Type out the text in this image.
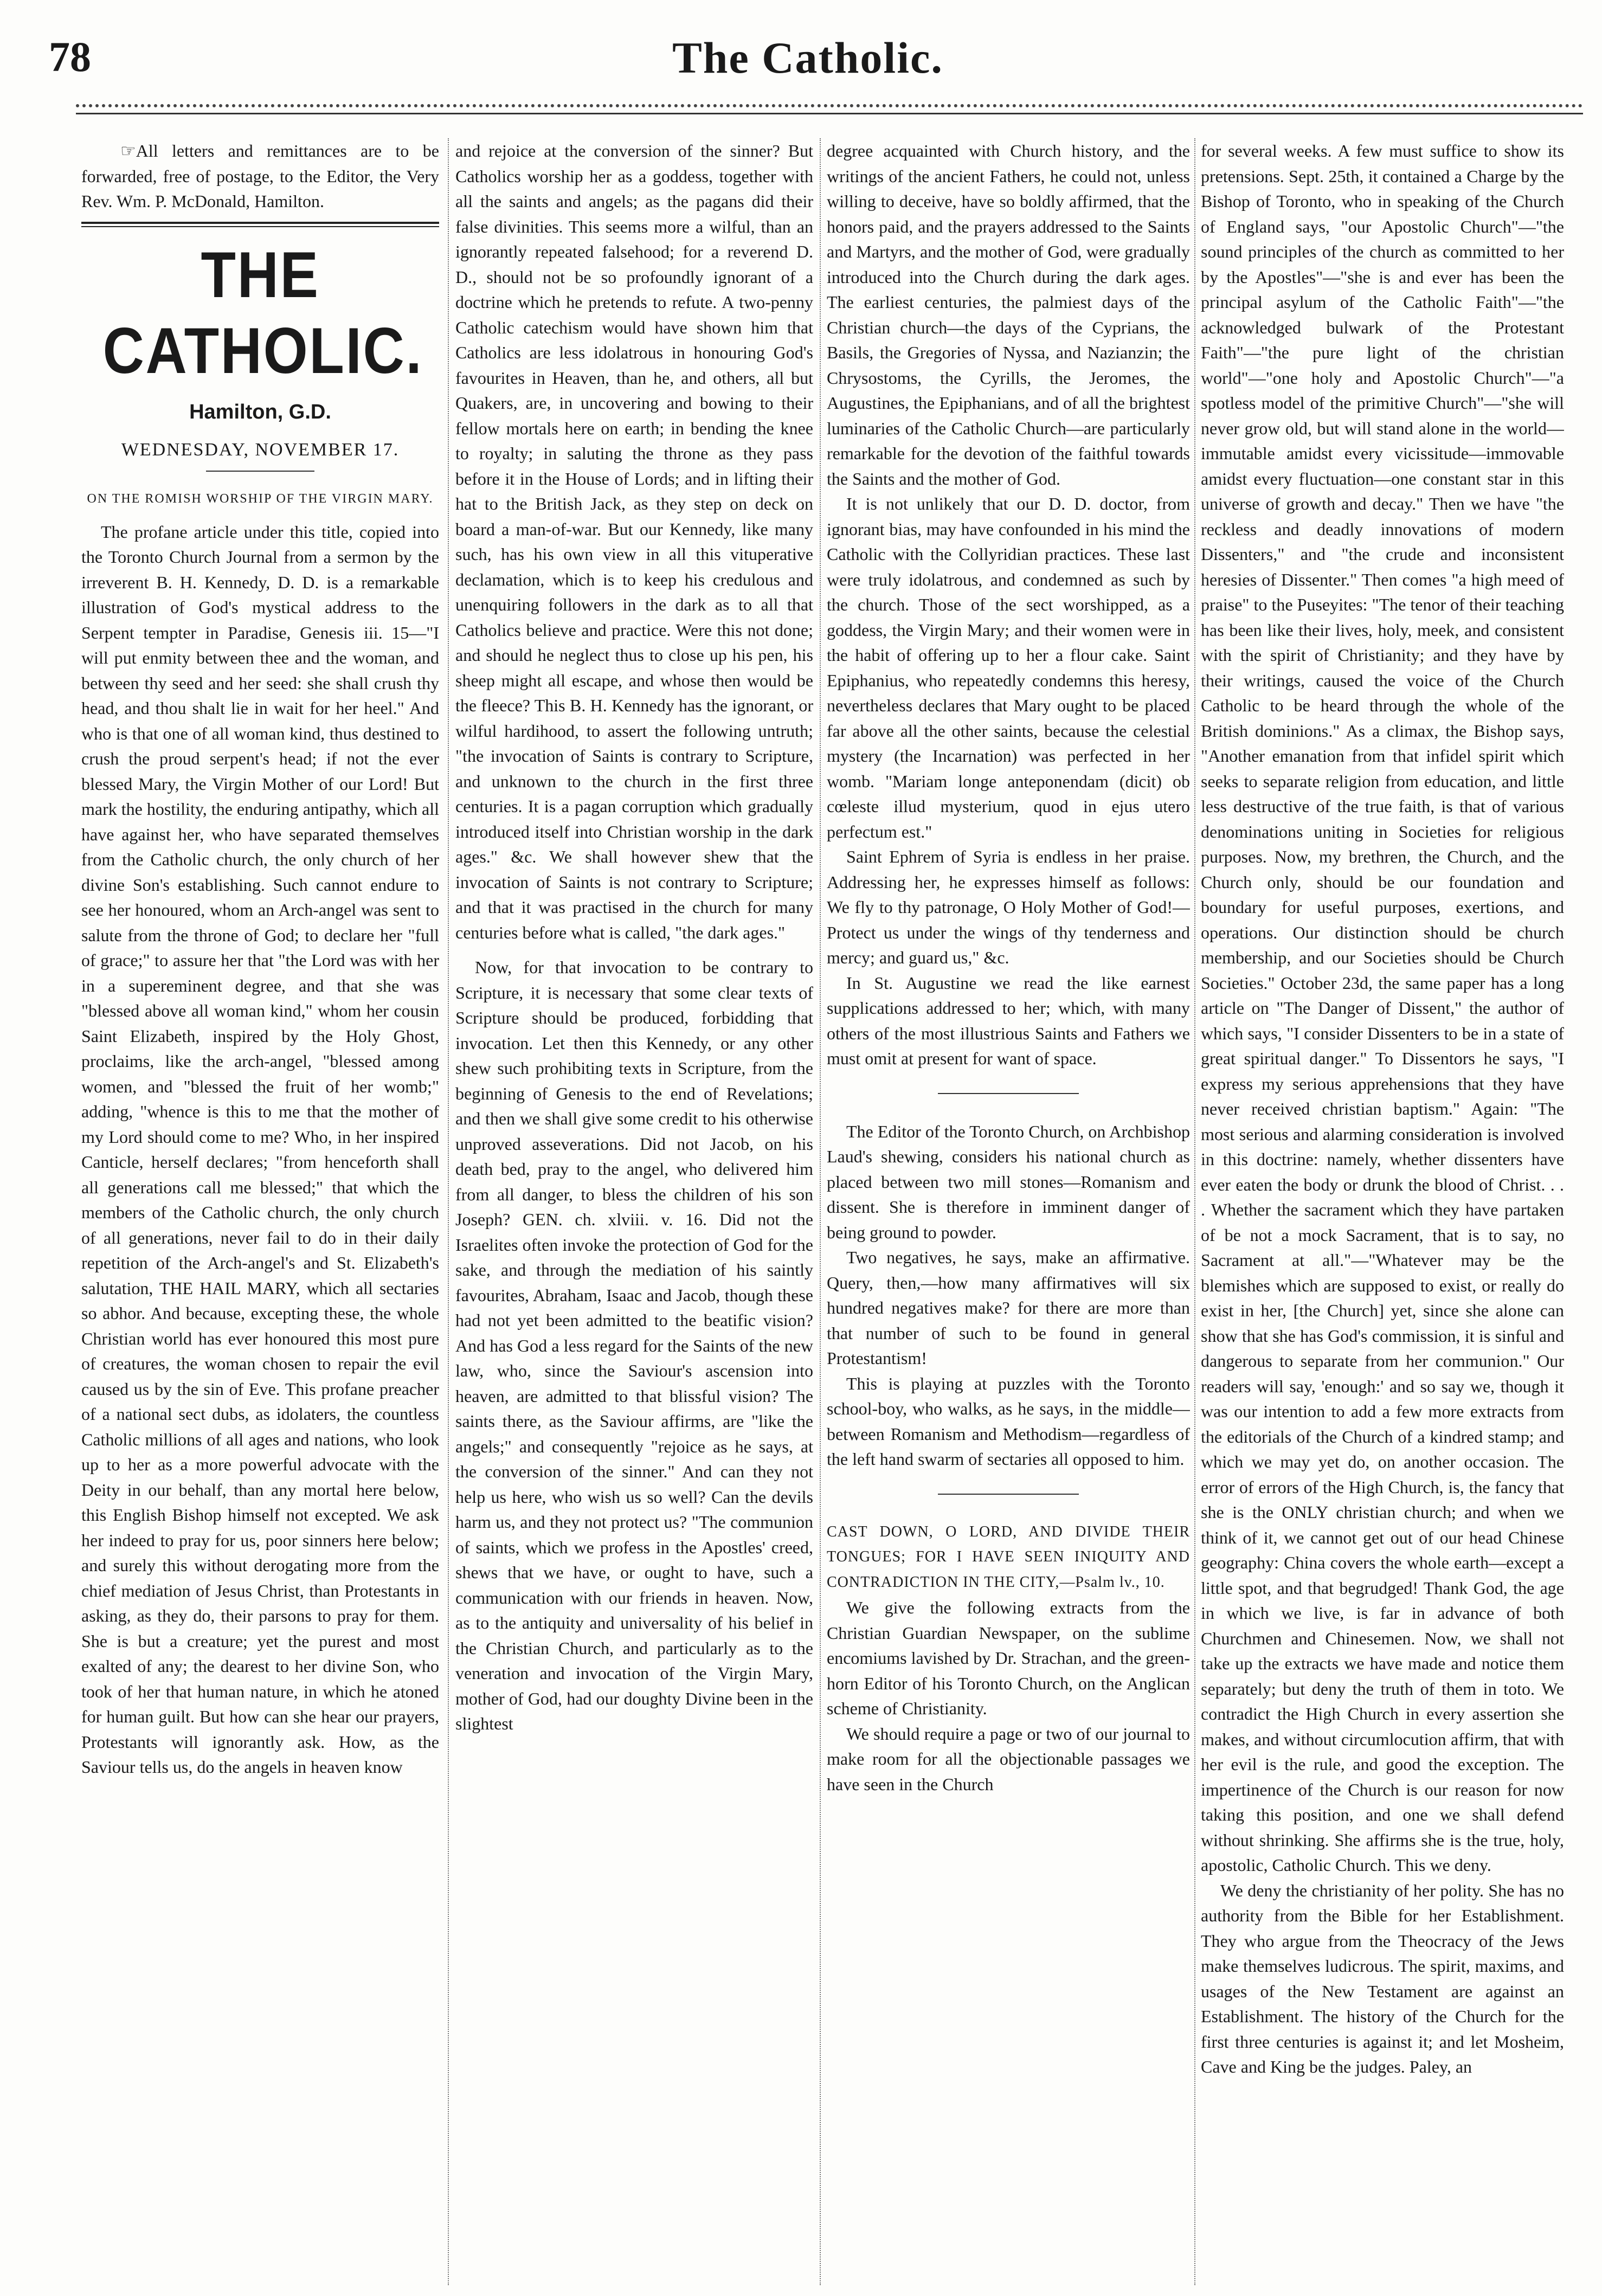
78	The Catholic.

☞All letters and remittances are to be forwarded, free of postage, to the Editor, the Very Rev. Wm. P. McDonald, Hamilton.

THE CATHOLIC.
Hamilton, G.D.
WEDNESDAY, NOVEMBER 17.
ON THE ROMISH WORSHIP OF THE VIRGIN MARY.

The profane article under this title, copied into the Toronto Church Journal from a sermon by the irreverent B. H. Kennedy, D. D. is a remarkable illustration of God's mystical address to the Serpent tempter in Paradise, Genesis iii. 15—"I will put enmity between thee and the woman, and between thy seed and her seed: she shall crush thy head, and thou shalt lie in wait for her heel." And who is that one of all woman kind, thus destined to crush the proud serpent's head; if not the ever blessed Mary, the Virgin Mother of our Lord! But mark the hostility, the enduring antipathy, which all have against her, who have separated themselves from the Catholic church, the only church of her divine Son's establishing. Such cannot endure to see her honoured, whom an Arch-angel was sent to salute from the throne of God; to declare her "full of grace;" to assure her that "the Lord was with her in a supereminent degree, and that she was "blessed above all woman kind," whom her cousin Saint Elizabeth, inspired by the Holy Ghost, proclaims, like the arch-angel, "blessed among women, and "blessed the fruit of her womb;" adding, "whence is this to me that the mother of my Lord should come to me? Who, in her inspired Canticle, herself declares; "from henceforth shall all generations call me blessed;" that which the members of the Catholic church, the only church of all generations, never fail to do in their daily repetition of the Arch-angel's and St. Elizabeth's salutation, THE HAIL MARY, which all sectaries so abhor. And because, excepting these, the whole Christian world has ever honoured this most pure of creatures, the woman chosen to repair the evil caused us by the sin of Eve. This profane preacher of a national sect dubs, as idolaters, the countless Catholic millions of all ages and nations, who look up to her as a more powerful advocate with the Deity in our behalf, than any mortal here below, this English Bishop himself not excepted. We ask her indeed to pray for us, poor sinners here below; and surely this without derogating more from the chief mediation of Jesus Christ, than Protestants in asking, as they do, their parsons to pray for them. She is but a creature; yet the purest and most exalted of any; the dearest to her divine Son, who took of her that human nature, in which he atoned for human guilt. But how can she hear our prayers, Protestants will ignorantly ask. How, as the Saviour tells us, do the angels in heaven know

and rejoice at the conversion of the sinner? But Catholics worship her as a goddess, together with all the saints and angels; as the pagans did their false divinities. This seems more a wilful, than an ignorantly repeated falsehood; for a reverend D. D., should not be so profoundly ignorant of a doctrine which he pretends to refute. A two-penny Catholic catechism would have shown him that Catholics are less idolatrous in honouring God's favourites in Heaven, than he, and others, all but Quakers, are, in uncovering and bowing to their fellow mortals here on earth; in bending the knee to royalty; in saluting the throne as they pass before it in the House of Lords; and in lifting their hat to the British Jack, as they step on deck on board a man-of-war. But our Kennedy, like many such, has his own view in all this vituperative declamation, which is to keep his credulous and unenquiring followers in the dark as to all that Catholics believe and practice. Were this not done; and should he neglect thus to close up his pen, his sheep might all escape, and whose then would be the fleece? This B. H. Kennedy has the ignorant, or wilful hardihood, to assert the following untruth; "the invocation of Saints is contrary to Scripture, and unknown to the church in the first three centuries. It is a pagan corruption which gradually introduced itself into Christian worship in the dark ages." &c. We shall however shew that the invocation of Saints is not contrary to Scripture; and that it was practised in the church for many centuries before what is called, "the dark ages."

Now, for that invocation to be contrary to Scripture, it is necessary that some clear texts of Scripture should be produced, forbidding that invocation. Let then this Kennedy, or any other shew such prohibiting texts in Scripture, from the beginning of Genesis to the end of Revelations; and then we shall give some credit to his otherwise unproved asseverations. Did not Jacob, on his death bed, pray to the angel, who delivered him from all danger, to bless the children of his son Joseph? GEN. ch. xlviii. v. 16. Did not the Israelites often invoke the protection of God for the sake, and through the mediation of his saintly favourites, Abraham, Isaac and Jacob, though these had not yet been admitted to the beatific vision? And has God a less regard for the Saints of the new law, who, since the Saviour's ascension into heaven, are admitted to that blissful vision? The saints there, as the Saviour affirms, are "like the angels;" and consequently "rejoice as he says, at the conversion of the sinner." And can they not help us here, who wish us so well? Can the devils harm us, and they not protect us? "The communion of saints, which we profess in the Apostles' creed, shews that we have, or ought to have, such a communication with our friends in heaven. Now, as to the antiquity and universality of his belief in the Christian Church, and particularly as to the veneration and invocation of the Virgin Mary, mother of God, had our doughty Divine been in the slightest

degree acquainted with Church history, and the writings of the ancient Fathers, he could not, unless willing to deceive, have so boldly affirmed, that the honors paid, and the prayers addressed to the Saints and Martyrs, and the mother of God, were gradually introduced into the Church during the dark ages. The earliest centuries, the palmiest days of the Christian church—the days of the Cyprians, the Basils, the Gregories of Nyssa, and Nazianzin; the Chrysostoms, the Cyrills, the Jeromes, the Augustines, the Epiphanians, and of all the brightest luminaries of the Catholic Church—are particularly remarkable for the devotion of the faithful towards the Saints and the mother of God.

It is not unlikely that our D. D. doctor, from ignorant bias, may have confounded in his mind the Catholic with the Collyridian practices. These last were truly idolatrous, and condemned as such by the church. Those of the sect worshipped, as a goddess, the Virgin Mary; and their women were in the habit of offering up to her a flour cake. Saint Epiphanius, who repeatedly condemns this heresy, nevertheless declares that Mary ought to be placed far above all the other saints, because the celestial mystery (the Incarnation) was perfected in her womb. "Mariam longe anteponendam (dicit) ob cœleste illud mysterium, quod in ejus utero perfectum est."

Saint Ephrem of Syria is endless in her praise. Addressing her, he expresses himself as follows: We fly to thy patronage, O Holy Mother of God!—Protect us under the wings of thy tenderness and mercy; and guard us," &c.

In St. Augustine we read the like earnest supplications addressed to her; which, with many others of the most illustrious Saints and Fathers we must omit at present for want of space.

The Editor of the Toronto Church, on Archbishop Laud's shewing, considers his national church as placed between two mill stones—Romanism and dissent. She is therefore in imminent danger of being ground to powder.

Two negatives, he says, make an affirmative. Query, then,—how many affirmatives will six hundred negatives make? for there are more than that number of such to be found in general Protestantism!

This is playing at puzzles with the Toronto school-boy, who walks, as he says, in the middle—between Romanism and Methodism—regardless of the left hand swarm of sectaries all opposed to him.

CAST DOWN, O LORD, AND DIVIDE THEIR TONGUES; FOR I HAVE SEEN INIQUITY AND CONTRADICTION IN THE CITY,—Psalm lv., 10.

We give the following extracts from the Christian Guardian Newspaper, on the sublime encomiums lavished by Dr. Strachan, and the green-horn Editor of his Toronto Church, on the Anglican scheme of Christianity.

We should require a page or two of our journal to make room for all the objectionable passages we have seen in the Church

for several weeks. A few must suffice to show its pretensions. Sept. 25th, it contained a Charge by the Bishop of Toronto, who in speaking of the Church of England says, "our Apostolic Church"—"the sound principles of the church as committed to her by the Apostles"—"she is and ever has been the principal asylum of the Catholic Faith"—"the acknowledged bulwark of the Protestant Faith"—"the pure light of the christian world"—"one holy and Apostolic Church"—"a spotless model of the primitive Church"—"she will never grow old, but will stand alone in the world—immutable amidst every vicissitude—immovable amidst every fluctuation—one constant star in this universe of growth and decay." Then we have "the reckless and deadly innovations of modern Dissenters," and "the crude and inconsistent heresies of Dissenter." Then comes "a high meed of praise" to the Puseyites: "The tenor of their teaching has been like their lives, holy, meek, and consistent with the spirit of Christianity; and they have by their writings, caused the voice of the Church Catholic to be heard through the whole of the British dominions." As a climax, the Bishop says, "Another emanation from that infidel spirit which seeks to separate religion from education, and little less destructive of the true faith, is that of various denominations uniting in Societies for religious purposes. Now, my brethren, the Church, and the Church only, should be our foundation and boundary for useful purposes, exertions, and operations. Our distinction should be church membership, and our Societies should be Church Societies." October 23d, the same paper has a long article on "The Danger of Dissent," the author of which says, "I consider Dissenters to be in a state of great spiritual danger." To Dissentors he says, "I express my serious apprehensions that they have never received christian baptism." Again: "The most serious and alarming consideration is involved in this doctrine: namely, whether dissenters have ever eaten the body or drunk the blood of Christ. . . . Whether the sacrament which they have partaken of be not a mock Sacrament, that is to say, no Sacrament at all."—"Whatever may be the blemishes which are supposed to exist, or really do exist in her, [the Church] yet, since she alone can show that she has God's commission, it is sinful and dangerous to separate from her communion." Our readers will say, 'enough:' and so say we, though it was our intention to add a few more extracts from the editorials of the Church of a kindred stamp; and which we may yet do, on another occasion. The error of errors of the High Church, is, the fancy that she is the ONLY christian church; and when we think of it, we cannot get out of our head Chinese geography: China covers the whole earth—except a little spot, and that begrudged! Thank God, the age in which we live, is far in advance of both Churchmen and Chinesemen. Now, we shall not take up the extracts we have made and notice them separately; but deny the truth of them in toto. We contradict the High Church in every assertion she makes, and without circumlocution affirm, that with her evil is the rule, and good the exception. The impertinence of the Church is our reason for now taking this position, and one we shall defend without shrinking. She affirms she is the true, holy, apostolic, Catholic Church. This we deny.

We deny the christianity of her polity. She has no authority from the Bible for her Establishment. They who argue from the Theocracy of the Jews make themselves ludicrous. The spirit, maxims, and usages of the New Testament are against an Establishment. The history of the Church for the first three centuries is against it; and let Mosheim, Cave and King be the judges. Paley, an
